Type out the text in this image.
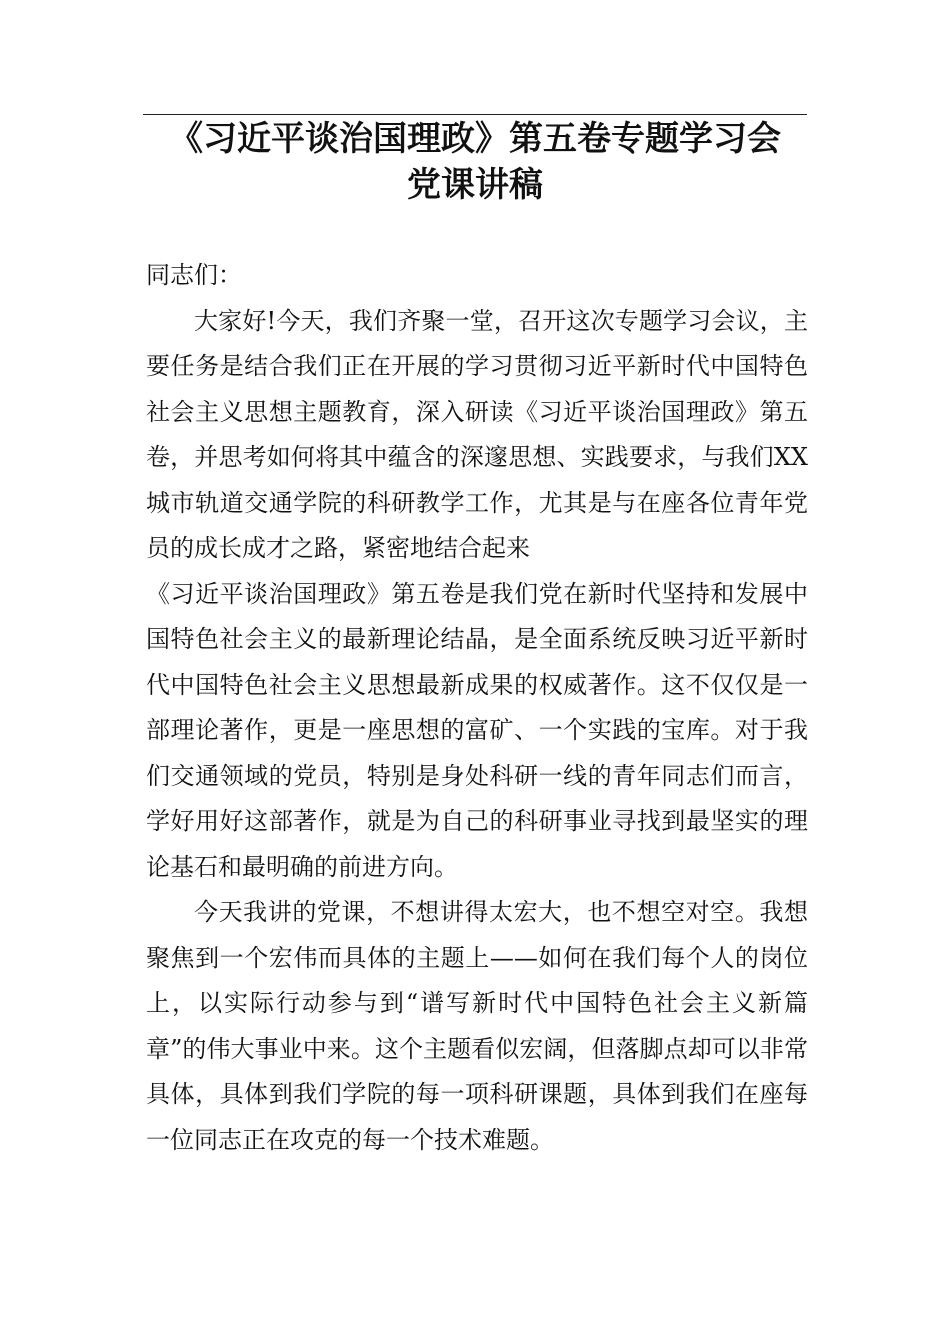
《习近平谈治国理政》第五卷专题学习会
党课讲稿

同志们：

大家好!今天，我们齐聚一堂，召开这次专题学习会议，主要任务是结合我们正在开展的学习贯彻习近平新时代中国特色社会主义思想主题教育，深入研读《习近平谈治国理政》第五卷，并思考如何将其中蕴含的深邃思想、实践要求，与我们XX城市轨道交通学院的科研教学工作，尤其是与在座各位青年党员的成长成才之路，紧密地结合起来

《习近平谈治国理政》第五卷是我们党在新时代坚持和发展中国特色社会主义的最新理论结晶，是全面系统反映习近平新时代中国特色社会主义思想最新成果的权威著作。这不仅仅是一部理论著作，更是一座思想的富矿、一个实践的宝库。对于我们交通领域的党员，特别是身处科研一线的青年同志们而言，学好用好这部著作，就是为自己的科研事业寻找到最坚实的理论基石和最明确的前进方向。

今天我讲的党课，不想讲得太宏大，也不想空对空。我想聚焦到一个宏伟而具体的主题上——如何在我们每个人的岗位上，以实际行动参与到“谱写新时代中国特色社会主义新篇章”的伟大事业中来。这个主题看似宏阔，但落脚点却可以非常具体，具体到我们学院的每一项科研课题，具体到我们在座每一位同志正在攻克的每一个技术难题。
